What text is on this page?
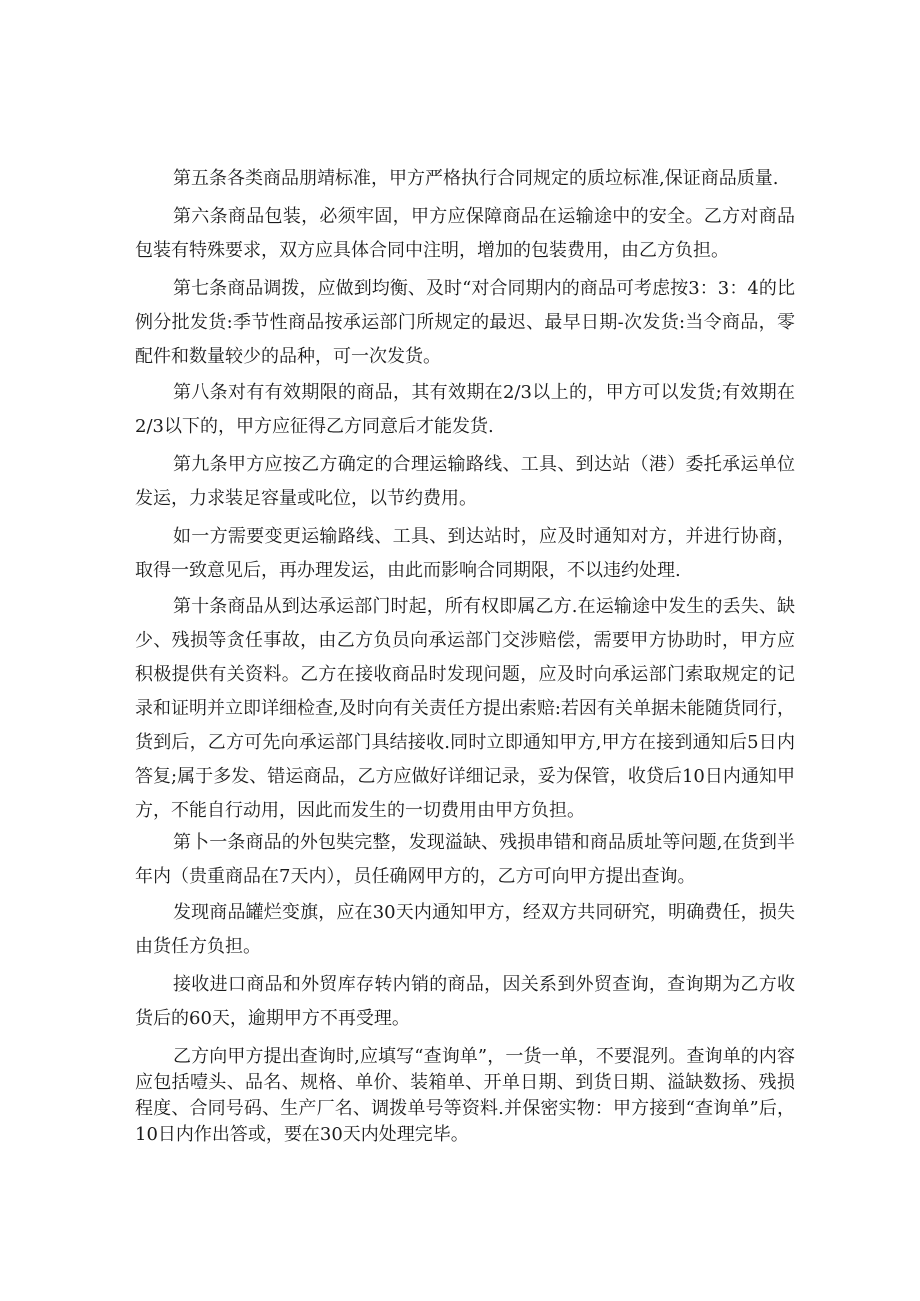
第五条各类商品朋靖标准，甲方严格执行合同规定的质垃标准,保证商品质量.

第六条商品包装，必须牢固，甲方应保障商品在运输途中的安全。乙方对商品包装有特殊要求，双方应具体合同中注明，增加的包装费用，由乙方负担。

第七条商品调拨，应做到均衡、及时“对合同期内的商品可考虑按3：3：4的比例分批发货:季节性商品按承运部门所规定的最迟、最早日期-次发货:当令商品，零配件和数量较少的品种，可一次发货。

第八条对有有效期限的商品，其有效期在2/3以上的，甲方可以发货;有效期在2/3以下的，甲方应征得乙方同意后才能发货.

第九条甲方应按乙方确定的合理运输路线、工具、到达站（港）委托承运单位发运，力求装足容量或叱位，以节约费用。

如一方需要变更运输路线、工具、到达站时，应及时通知对方，并进行协商，取得一致意见后，再办理发运，由此而影响合同期限，不以违约处理.

第十条商品从到达承运部门时起，所有权即属乙方.在运输途中发生的丢失、缺少、残损等贪任事故，由乙方负员向承运部门交涉赔偿，需要甲方协助时，甲方应积极提供有关资料。乙方在接收商品时发现问题，应及时向承运部门索取规定的记录和证明并立即详细检查,及时向有关责任方提出索赔:若因有关单据未能随货同行，货到后，乙方可先向承运部门具结接收.同时立即通知甲方,甲方在接到通知后5日内答复;属于多发、错运商品，乙方应做好详细记录，妥为保管，收贷后10日内通知甲方，不能自行动用，因此而发生的一切费用由甲方负担。

第卜一条商品的外包奘完整，发现溢缺、残损串错和商品质址等问题,在货到半年内（贵重商品在7天内），员任确网甲方的，乙方可向甲方提出查询。

发现商品罐烂变旗，应在30天内通知甲方，经双方共同研究，明确费任，损失由货任方负担。

接收进口商品和外贸库存转内销的商品，因关系到外贸查询，查询期为乙方收货后的60天，逾期甲方不再受理。

乙方向甲方提出查询时,应填写“查询单”，一货一单，不要混列。查询单的内容应包括噎头、品名、规格、单价、装箱单、开单日期、到货日期、溢缺数扬、残损程度、合同号码、生产厂名、调拨单号等资料.并保密实物：甲方接到“查询单”后，10日内作出答或，要在30天内处理完毕。
